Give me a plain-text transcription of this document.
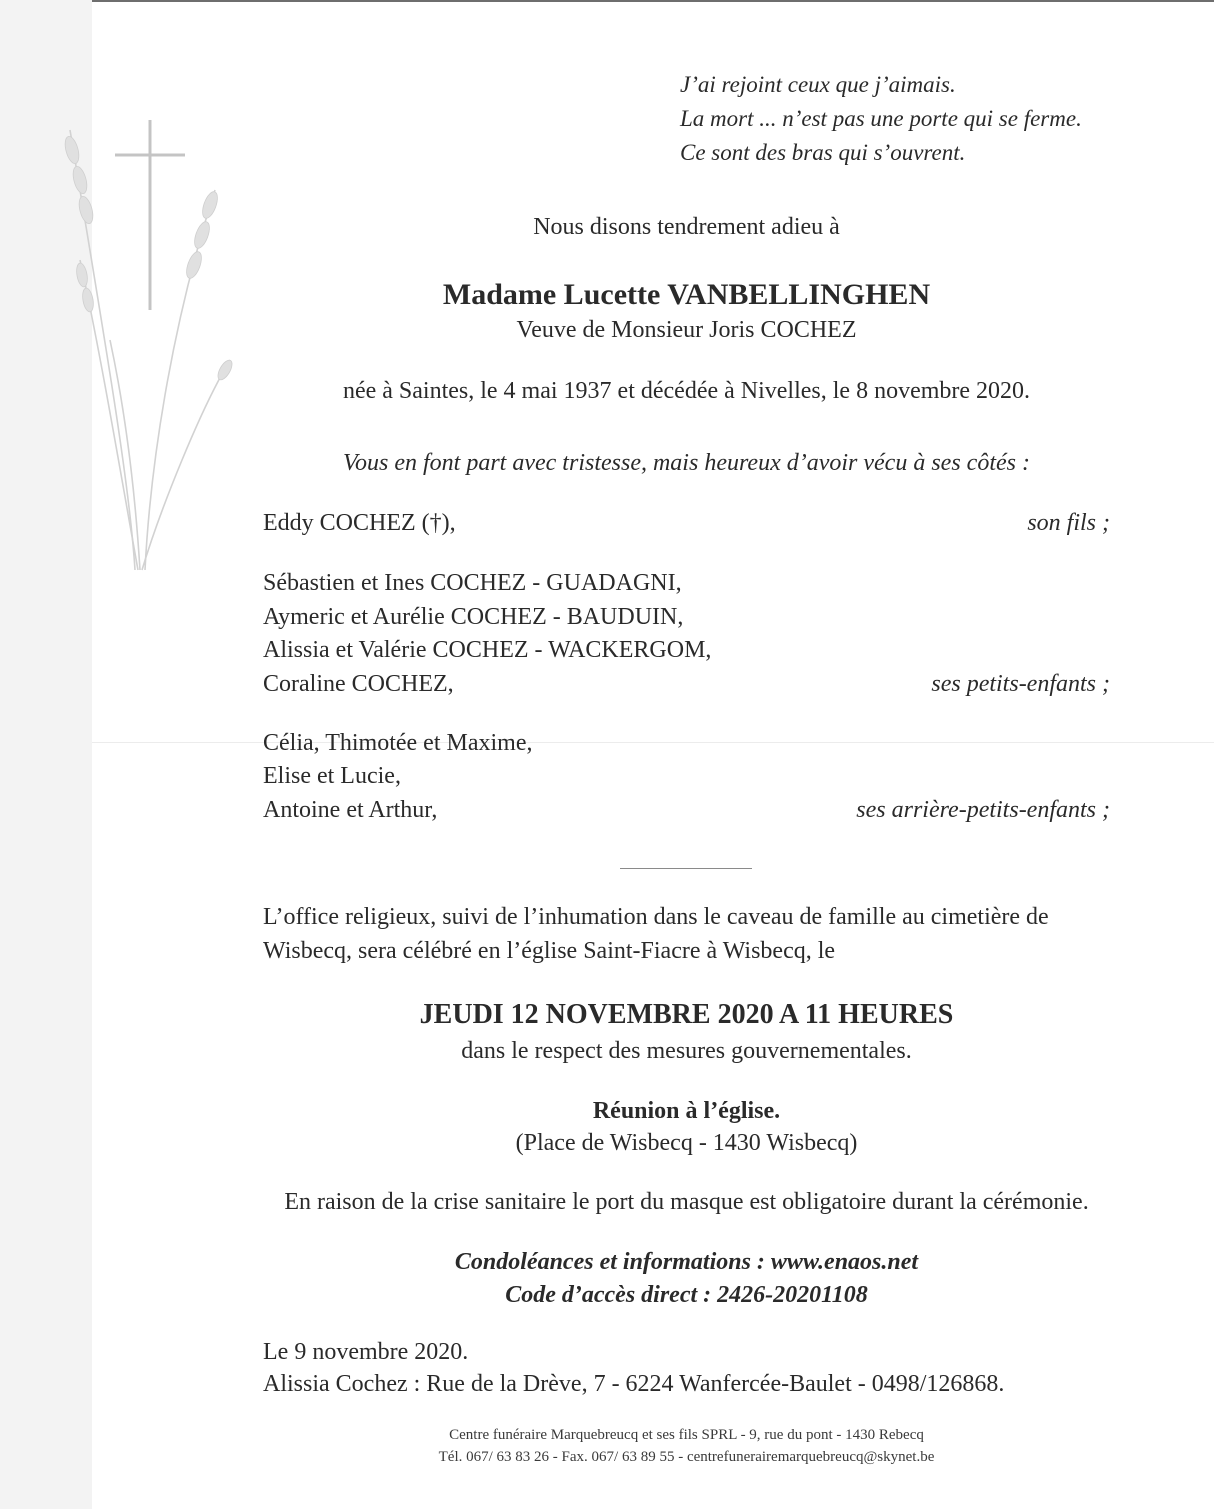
J’ai rejoint ceux que j’aimais.
La mort ... n’est pas une porte qui se ferme.
Ce sont des bras qui s’ouvrent.
Nous disons tendrement adieu à
Madame Lucette VANBELLINGHEN
Veuve de Monsieur Joris COCHEZ
née à Saintes, le 4 mai 1937 et décédée à Nivelles, le 8 novembre 2020.
Vous en font part avec tristesse, mais heureux d’avoir vécu à ses côtés :
Eddy COCHEZ (†),	son fils ;
Sébastien et Ines COCHEZ - GUADAGNI,
Aymeric et Aurélie COCHEZ - BAUDUIN,
Alissia et Valérie COCHEZ - WACKERGOM,
Coraline COCHEZ,	ses petits-enfants ;
Célia, Thimotée et Maxime,
Elise et Lucie,
Antoine et Arthur,	ses arrière-petits-enfants ;
L’office religieux, suivi de l’inhumation dans le caveau de famille au cimetière de
Wisbecq, sera célébré en l’église Saint-Fiacre à Wisbecq, le
JEUDI 12 NOVEMBRE 2020 A 11 HEURES
dans le respect des mesures gouvernementales.
Réunion à l’église.
(Place de Wisbecq - 1430 Wisbecq)
En raison de la crise sanitaire le port du masque est obligatoire durant la cérémonie.
Condoléances et informations : www.enaos.net
Code d’accès direct : 2426-20201108
Le 9 novembre 2020.
Alissia Cochez : Rue de la Drève, 7 - 6224 Wanfercée-Baulet - 0498/126868.
Centre funéraire Marquebreucq et ses fils SPRL - 9, rue du pont - 1430 Rebecq
Tél. 067/ 63 83 26 - Fax. 067/ 63 89 55 - centrefunerairemarquebreucq@skynet.be
